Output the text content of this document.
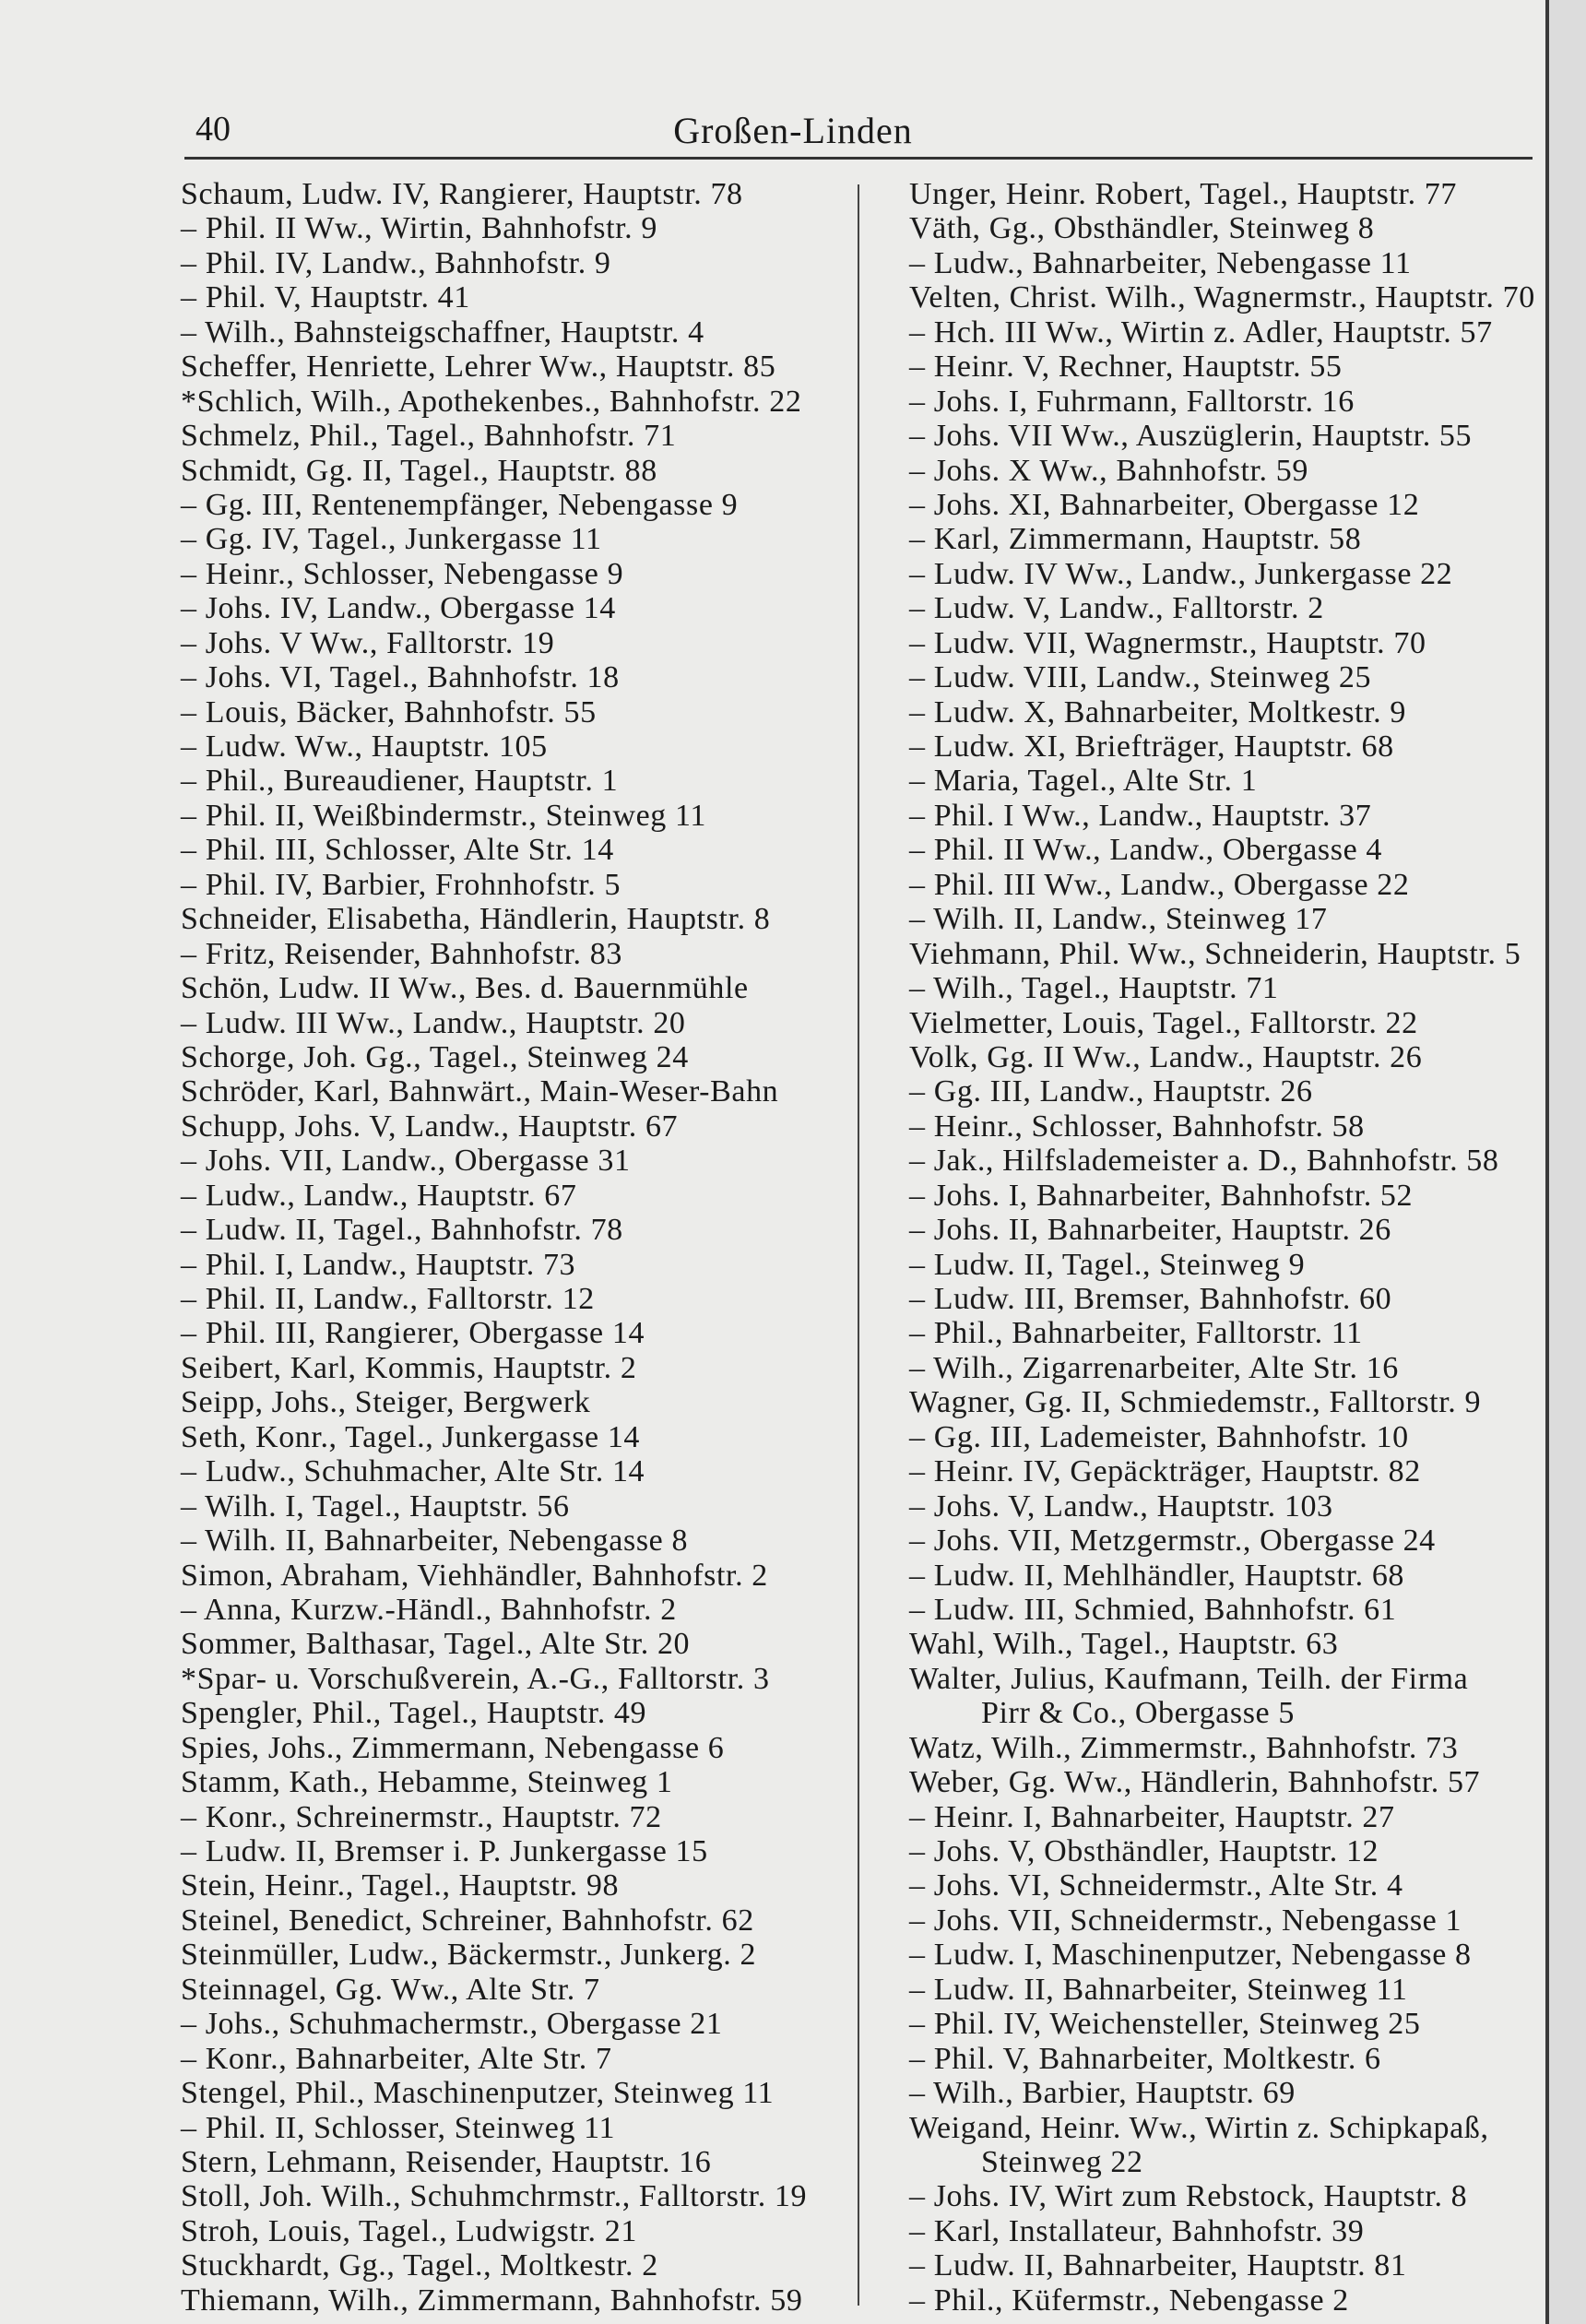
40	Großen-Linden
Schaum, Ludw. IV, Rangierer, Hauptstr. 78
– Phil. II Ww., Wirtin, Bahnhofstr. 9
– Phil. IV, Landw., Bahnhofstr. 9
– Phil. V, Hauptstr. 41
– Wilh., Bahnsteigschaffner, Hauptstr. 4
Scheffer, Henriette, Lehrer Ww., Hauptstr. 85
*Schlich, Wilh., Apothekenbes., Bahnhofstr. 22
Schmelz, Phil., Tagel., Bahnhofstr. 71
Schmidt, Gg. II, Tagel., Hauptstr. 88
– Gg. III, Rentenempfänger, Nebengasse 9
– Gg. IV, Tagel., Junkergasse 11
– Heinr., Schlosser, Nebengasse 9
– Johs. IV, Landw., Obergasse 14
– Johs. V Ww., Falltorstr. 19
– Johs. VI, Tagel., Bahnhofstr. 18
– Louis, Bäcker, Bahnhofstr. 55
– Ludw. Ww., Hauptstr. 105
– Phil., Bureaudiener, Hauptstr. 1
– Phil. II, Weißbindermstr., Steinweg 11
– Phil. III, Schlosser, Alte Str. 14
– Phil. IV, Barbier, Frohnhofstr. 5
Schneider, Elisabetha, Händlerin, Hauptstr. 8
– Fritz, Reisender, Bahnhofstr. 83
Schön, Ludw. II Ww., Bes. d. Bauernmühle
– Ludw. III Ww., Landw., Hauptstr. 20
Schorge, Joh. Gg., Tagel., Steinweg 24
Schröder, Karl, Bahnwärt., Main-Weser-Bahn
Schupp, Johs. V, Landw., Hauptstr. 67
– Johs. VII, Landw., Obergasse 31
– Ludw., Landw., Hauptstr. 67
– Ludw. II, Tagel., Bahnhofstr. 78
– Phil. I, Landw., Hauptstr. 73
– Phil. II, Landw., Falltorstr. 12
– Phil. III, Rangierer, Obergasse 14
Seibert, Karl, Kommis, Hauptstr. 2
Seipp, Johs., Steiger, Bergwerk
Seth, Konr., Tagel., Junkergasse 14
– Ludw., Schuhmacher, Alte Str. 14
– Wilh. I, Tagel., Hauptstr. 56
– Wilh. II, Bahnarbeiter, Nebengasse 8
Simon, Abraham, Viehhändler, Bahnhofstr. 2
– Anna, Kurzw.-Händl., Bahnhofstr. 2
Sommer, Balthasar, Tagel., Alte Str. 20
*Spar- u. Vorschußverein, A.-G., Falltorstr. 3
Spengler, Phil., Tagel., Hauptstr. 49
Spies, Johs., Zimmermann, Nebengasse 6
Stamm, Kath., Hebamme, Steinweg 1
– Konr., Schreinermstr., Hauptstr. 72
– Ludw. II, Bremser i. P. Junkergasse 15
Stein, Heinr., Tagel., Hauptstr. 98
Steinel, Benedict, Schreiner, Bahnhofstr. 62
Steinmüller, Ludw., Bäckermstr., Junkerg. 2
Steinnagel, Gg. Ww., Alte Str. 7
– Johs., Schuhmachermstr., Obergasse 21
– Konr., Bahnarbeiter, Alte Str. 7
Stengel, Phil., Maschinenputzer, Steinweg 11
– Phil. II, Schlosser, Steinweg 11
Stern, Lehmann, Reisender, Hauptstr. 16
Stoll, Joh. Wilh., Schuhmchrmstr., Falltorstr. 19
Stroh, Louis, Tagel., Ludwigstr. 21
Stuckhardt, Gg., Tagel., Moltkestr. 2
Thiemann, Wilh., Zimmermann, Bahnhofstr. 59
Unger, Heinr. Robert, Tagel., Hauptstr. 77
Väth, Gg., Obsthändler, Steinweg 8
– Ludw., Bahnarbeiter, Nebengasse 11
Velten, Christ. Wilh., Wagnermstr., Hauptstr. 70
– Hch. III Ww., Wirtin z. Adler, Hauptstr. 57
– Heinr. V, Rechner, Hauptstr. 55
– Johs. I, Fuhrmann, Falltorstr. 16
– Johs. VII Ww., Auszüglerin, Hauptstr. 55
– Johs. X Ww., Bahnhofstr. 59
– Johs. XI, Bahnarbeiter, Obergasse 12
– Karl, Zimmermann, Hauptstr. 58
– Ludw. IV Ww., Landw., Junkergasse 22
– Ludw. V, Landw., Falltorstr. 2
– Ludw. VII, Wagnermstr., Hauptstr. 70
– Ludw. VIII, Landw., Steinweg 25
– Ludw. X, Bahnarbeiter, Moltkestr. 9
– Ludw. XI, Briefträger, Hauptstr. 68
– Maria, Tagel., Alte Str. 1
– Phil. I Ww., Landw., Hauptstr. 37
– Phil. II Ww., Landw., Obergasse 4
– Phil. III Ww., Landw., Obergasse 22
– Wilh. II, Landw., Steinweg 17
Viehmann, Phil. Ww., Schneiderin, Hauptstr. 5
– Wilh., Tagel., Hauptstr. 71
Vielmetter, Louis, Tagel., Falltorstr. 22
Volk, Gg. II Ww., Landw., Hauptstr. 26
– Gg. III, Landw., Hauptstr. 26
– Heinr., Schlosser, Bahnhofstr. 58
– Jak., Hilfslademeister a. D., Bahnhofstr. 58
– Johs. I, Bahnarbeiter, Bahnhofstr. 52
– Johs. II, Bahnarbeiter, Hauptstr. 26
– Ludw. II, Tagel., Steinweg 9
– Ludw. III, Bremser, Bahnhofstr. 60
– Phil., Bahnarbeiter, Falltorstr. 11
– Wilh., Zigarrenarbeiter, Alte Str. 16
Wagner, Gg. II, Schmiedemstr., Falltorstr. 9
– Gg. III, Lademeister, Bahnhofstr. 10
– Heinr. IV, Gepäckträger, Hauptstr. 82
– Johs. V, Landw., Hauptstr. 103
– Johs. VII, Metzgermstr., Obergasse 24
– Ludw. II, Mehlhändler, Hauptstr. 68
– Ludw. III, Schmied, Bahnhofstr. 61
Wahl, Wilh., Tagel., Hauptstr. 63
Walter, Julius, Kaufmann, Teilh. der Firma
Pirr & Co., Obergasse 5
Watz, Wilh., Zimmermstr., Bahnhofstr. 73
Weber, Gg. Ww., Händlerin, Bahnhofstr. 57
– Heinr. I, Bahnarbeiter, Hauptstr. 27
– Johs. V, Obsthändler, Hauptstr. 12
– Johs. VI, Schneidermstr., Alte Str. 4
– Johs. VII, Schneidermstr., Nebengasse 1
– Ludw. I, Maschinenputzer, Nebengasse 8
– Ludw. II, Bahnarbeiter, Steinweg 11
– Phil. IV, Weichensteller, Steinweg 25
– Phil. V, Bahnarbeiter, Moltkestr. 6
– Wilh., Barbier, Hauptstr. 69
Weigand, Heinr. Ww., Wirtin z. Schipkapaß,
Steinweg 22
– Johs. IV, Wirt zum Rebstock, Hauptstr. 8
– Karl, Installateur, Bahnhofstr. 39
– Ludw. II, Bahnarbeiter, Hauptstr. 81
– Phil., Küfermstr., Nebengasse 2
